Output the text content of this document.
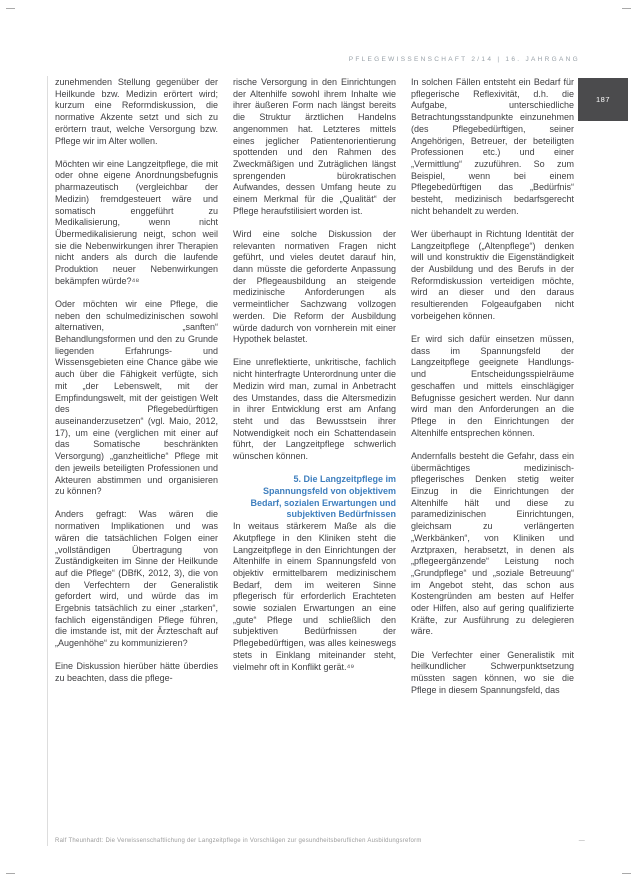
PFLEGEWISSENSCHAFT 2/14 | 16. JAHRGANG
187

zunehmenden Stellung gegenüber der Heilkunde bzw. Medizin erörtert wird; kurzum eine Reformdiskussion, die normative Akzente setzt und sich zu erörtern traut, welche Versorgung bzw. Pflege wir im Alter wollen.

Möchten wir eine Langzeitpflege, die mit oder ohne eigene Anordnungsbefugnis pharmazeutisch (vergleichbar der Medizin) fremdgesteuert wäre und somatisch enggeführt zu Medikalisierung, wenn nicht Übermedikalisierung neigt, schon weil sie die Nebenwirkungen ihrer Therapien nicht anders als durch die laufende Produktion neuer Nebenwirkungen bekämpfen würde?⁴⁸

Oder möchten wir eine Pflege, die neben den schulmedizinischen sowohl alternativen, „sanften“ Behandlungsformen und den zu Grunde liegenden Erfahrungs- und Wissensgebieten eine Chance gäbe wie auch über die Fähigkeit verfügte, sich mit „der Lebenswelt, mit der Empfindungswelt, mit der geistigen Welt des Pflegebedürftigen auseinanderzusetzen“ (vgl. Maio, 2012, 17), um eine (verglichen mit einer auf das Somatische beschränkten Versorgung) „ganzheitliche“ Pflege mit den jeweils beteiligten Professionen und Akteuren abstimmen und organisieren zu können?

Anders gefragt: Was wären die normativen Implikationen und was wären die tatsächlichen Folgen einer „vollständigen Übertragung von Zuständigkeiten im Sinne der Heilkunde auf die Pflege“ (DBfK, 2012, 3), die von den Verfechtern der Generalistik gefordert wird, und würde das im Ergebnis tatsächlich zu einer „starken“, fachlich eigenständigen Pflege führen, die imstande ist, mit der Ärzteschaft auf „Augenhöhe“ zu kommunizieren?

Eine Diskussion hierüber hätte überdies zu beachten, dass die pflege-

rische Versorgung in den Einrichtungen der Altenhilfe sowohl ihrem Inhalte wie ihrer äußeren Form nach längst bereits die Struktur ärztlichen Handelns angenommen hat. Letzteres mittels eines jeglicher Patientenorientierung spottenden und den Rahmen des Zweckmäßigen und Zuträglichen längst sprengenden bürokratischen Aufwandes, dessen Umfang heute zu einem Merkmal für die „Qualität“ der Pflege heraufstilisiert worden ist.

Wird eine solche Diskussion der relevanten normativen Fragen nicht geführt, und vieles deutet darauf hin, dann müsste die geforderte Anpassung der Pflegeausbildung an steigende medizinische Anforderungen als vermeintlicher Sachzwang vollzogen werden. Die Reform der Ausbildung würde dadurch von vornherein mit einer Hypothek belastet.

Eine unreflektierte, unkritische, fachlich nicht hinterfragte Unterordnung unter die Medizin wird man, zumal in Anbetracht des Umstandes, dass die Altersmedizin in ihrer Entwicklung erst am Anfang steht und das Bewusstsein ihrer Notwendigkeit noch ein Schattendasein führt, der Langzeitpflege schwerlich wünschen können.

5. Die Langzeitpflege im
Spannungsfeld von objektivem
Bedarf, sozialen Erwartungen und
subjektiven Bedürfnissen

In weitaus stärkerem Maße als die Akutpflege in den Kliniken steht die Langzeitpflege in den Einrichtungen der Altenhilfe in einem Spannungsfeld von objektiv ermittelbarem medizinischem Bedarf, dem im weiteren Sinne pflegerisch für erforderlich Erachteten sowie sozialen Erwartungen an eine „gute“ Pflege und schließlich den subjektiven Bedürfnissen der Pflegebedürftigen, was alles keineswegs stets in Einklang miteinander steht, vielmehr oft in Konflikt gerät.⁴⁹

In solchen Fällen entsteht ein Bedarf für pflegerische Reflexivität, d.h. die Aufgabe, unterschiedliche Betrachtungsstandpunkte einzunehmen (des Pflegebedürftigen, seiner Angehörigen, Betreuer, der beteiligten Professionen etc.) und einer „Vermittlung“ zuzuführen. So zum Beispiel, wenn bei einem Pflegebedürftigen das „Bedürfnis“ besteht, medizinisch bedarfsgerecht nicht behandelt zu werden.

Wer überhaupt in Richtung Identität der Langzeitpflege („Altenpflege“) denken will und konstruktiv die Eigenständigkeit der Ausbildung und des Berufs in der Reformdiskussion verteidigen möchte, wird an dieser und den daraus resultierenden Folgeaufgaben nicht vorbeigehen können.

Er wird sich dafür einsetzen müssen, dass im Spannungsfeld der Langzeitpflege geeignete Handlungs- und Entscheidungsspielräume geschaffen und mittels einschlägiger Befugnisse gesichert werden. Nur dann wird man den Anforderungen an die Pflege in den Einrichtungen der Altenhilfe entsprechen können.

Andernfalls besteht die Gefahr, dass ein übermächtiges medizinisch-pflegerisches Denken stetig weiter Einzug in die Einrichtungen der Altenhilfe hält und diese zu paramedizinischen Einrichtungen, gleichsam zu verlängerten „Werkbänken“, von Kliniken und Arztpraxen, herabsetzt, in denen als „pflegeergänzende“ Leistung noch „Grundpflege“ und „soziale Betreuung“ im Angebot steht, das schon aus Kostengründen am besten auf Helfer oder Hilfen, also auf gering qualifizierte Kräfte, zur Ausführung zu delegieren wäre.

Die Verfechter einer Generalistik mit heilkundlicher Schwerpunktsetzung müssten sagen können, wo sie die Pflege in diesem Spannungsfeld, das

Ralf Theunhardt: Die Verwissenschaftlichung der Langzeitpflege in Vorschlägen zur gesundheitsberuflichen Ausbildungsreform	—
